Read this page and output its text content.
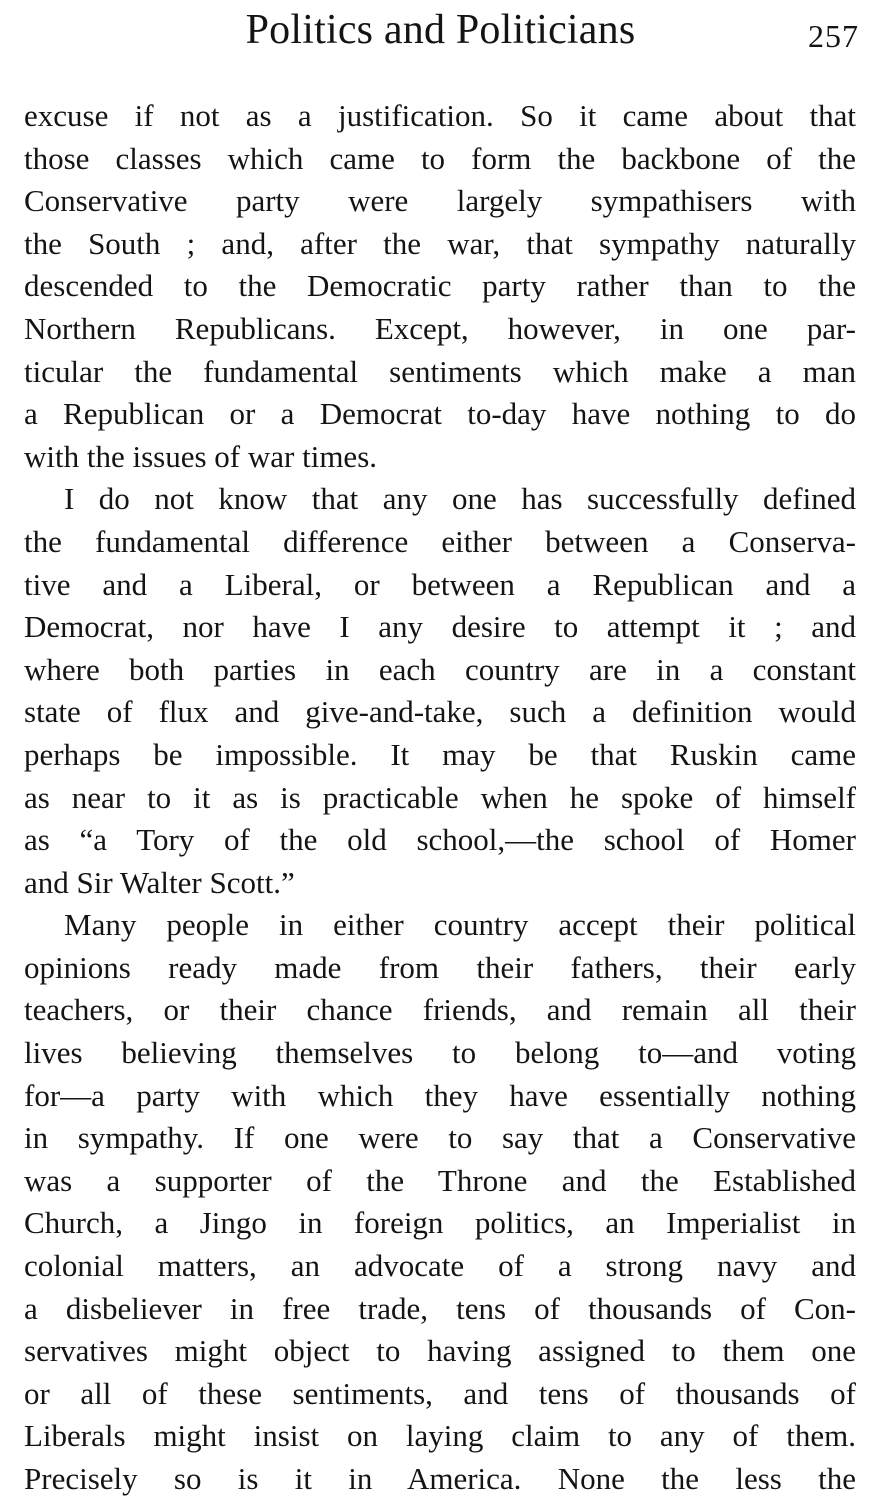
Politics and Politicians	257
excuse if not as a justification. So it came about that
those classes which came to form the backbone of the
Conservative party were largely sympathisers with
the South ; and, after the war, that sympathy naturally
descended to the Democratic party rather than to the
Northern Republicans. Except, however, in one par-
ticular the fundamental sentiments which make a man
a Republican or a Democrat to-day have nothing to do
with the issues of war times.
I do not know that any one has successfully defined
the fundamental difference either between a Conserva-
tive and a Liberal, or between a Republican and a
Democrat, nor have I any desire to attempt it ; and
where both parties in each country are in a constant
state of flux and give-and-take, such a definition would
perhaps be impossible. It may be that Ruskin came
as near to it as is practicable when he spoke of himself
as “a Tory of the old school,—the school of Homer
and Sir Walter Scott.”
Many people in either country accept their political
opinions ready made from their fathers, their early
teachers, or their chance friends, and remain all their
lives believing themselves to belong to—and voting
for—a party with which they have essentially nothing
in sympathy. If one were to say that a Conservative
was a supporter of the Throne and the Established
Church, a Jingo in foreign politics, an Imperialist in
colonial matters, an advocate of a strong navy and
a disbeliever in free trade, tens of thousands of Con-
servatives might object to having assigned to them one
or all of these sentiments, and tens of thousands of
Liberals might insist on laying claim to any of them.
Precisely so is it in America. None the less the
